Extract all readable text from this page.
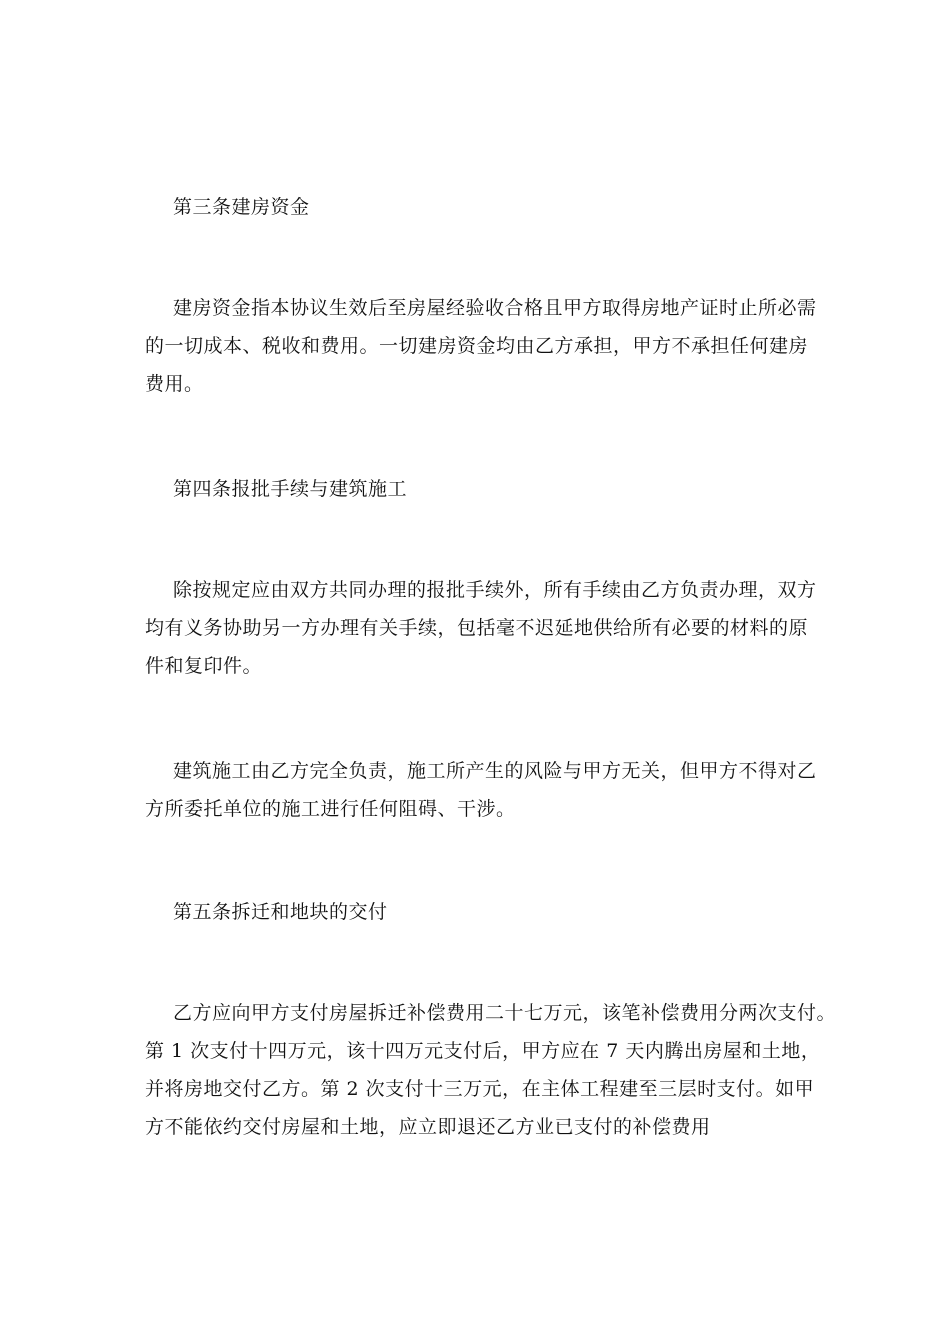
第三条建房资金
建房资金指本协议生效后至房屋经验收合格且甲方取得房地产证时止所必需
的一切成本、税收和费用。一切建房资金均由乙方承担，甲方不承担任何建房
费用。
第四条报批手续与建筑施工
除按规定应由双方共同办理的报批手续外，所有手续由乙方负责办理，双方
均有义务协助另一方办理有关手续，包括毫不迟延地供给所有必要的材料的原
件和复印件。
建筑施工由乙方完全负责，施工所产生的风险与甲方无关，但甲方不得对乙
方所委托单位的施工进行任何阻碍、干涉。
第五条拆迁和地块的交付
乙方应向甲方支付房屋拆迁补偿费用二十七万元，该笔补偿费用分两次支付。
第 1 次支付十四万元，该十四万元支付后，甲方应在 7 天内腾出房屋和土地，
并将房地交付乙方。第 2 次支付十三万元，在主体工程建至三层时支付。如甲
方不能依约交付房屋和土地，应立即退还乙方业已支付的补偿费用
